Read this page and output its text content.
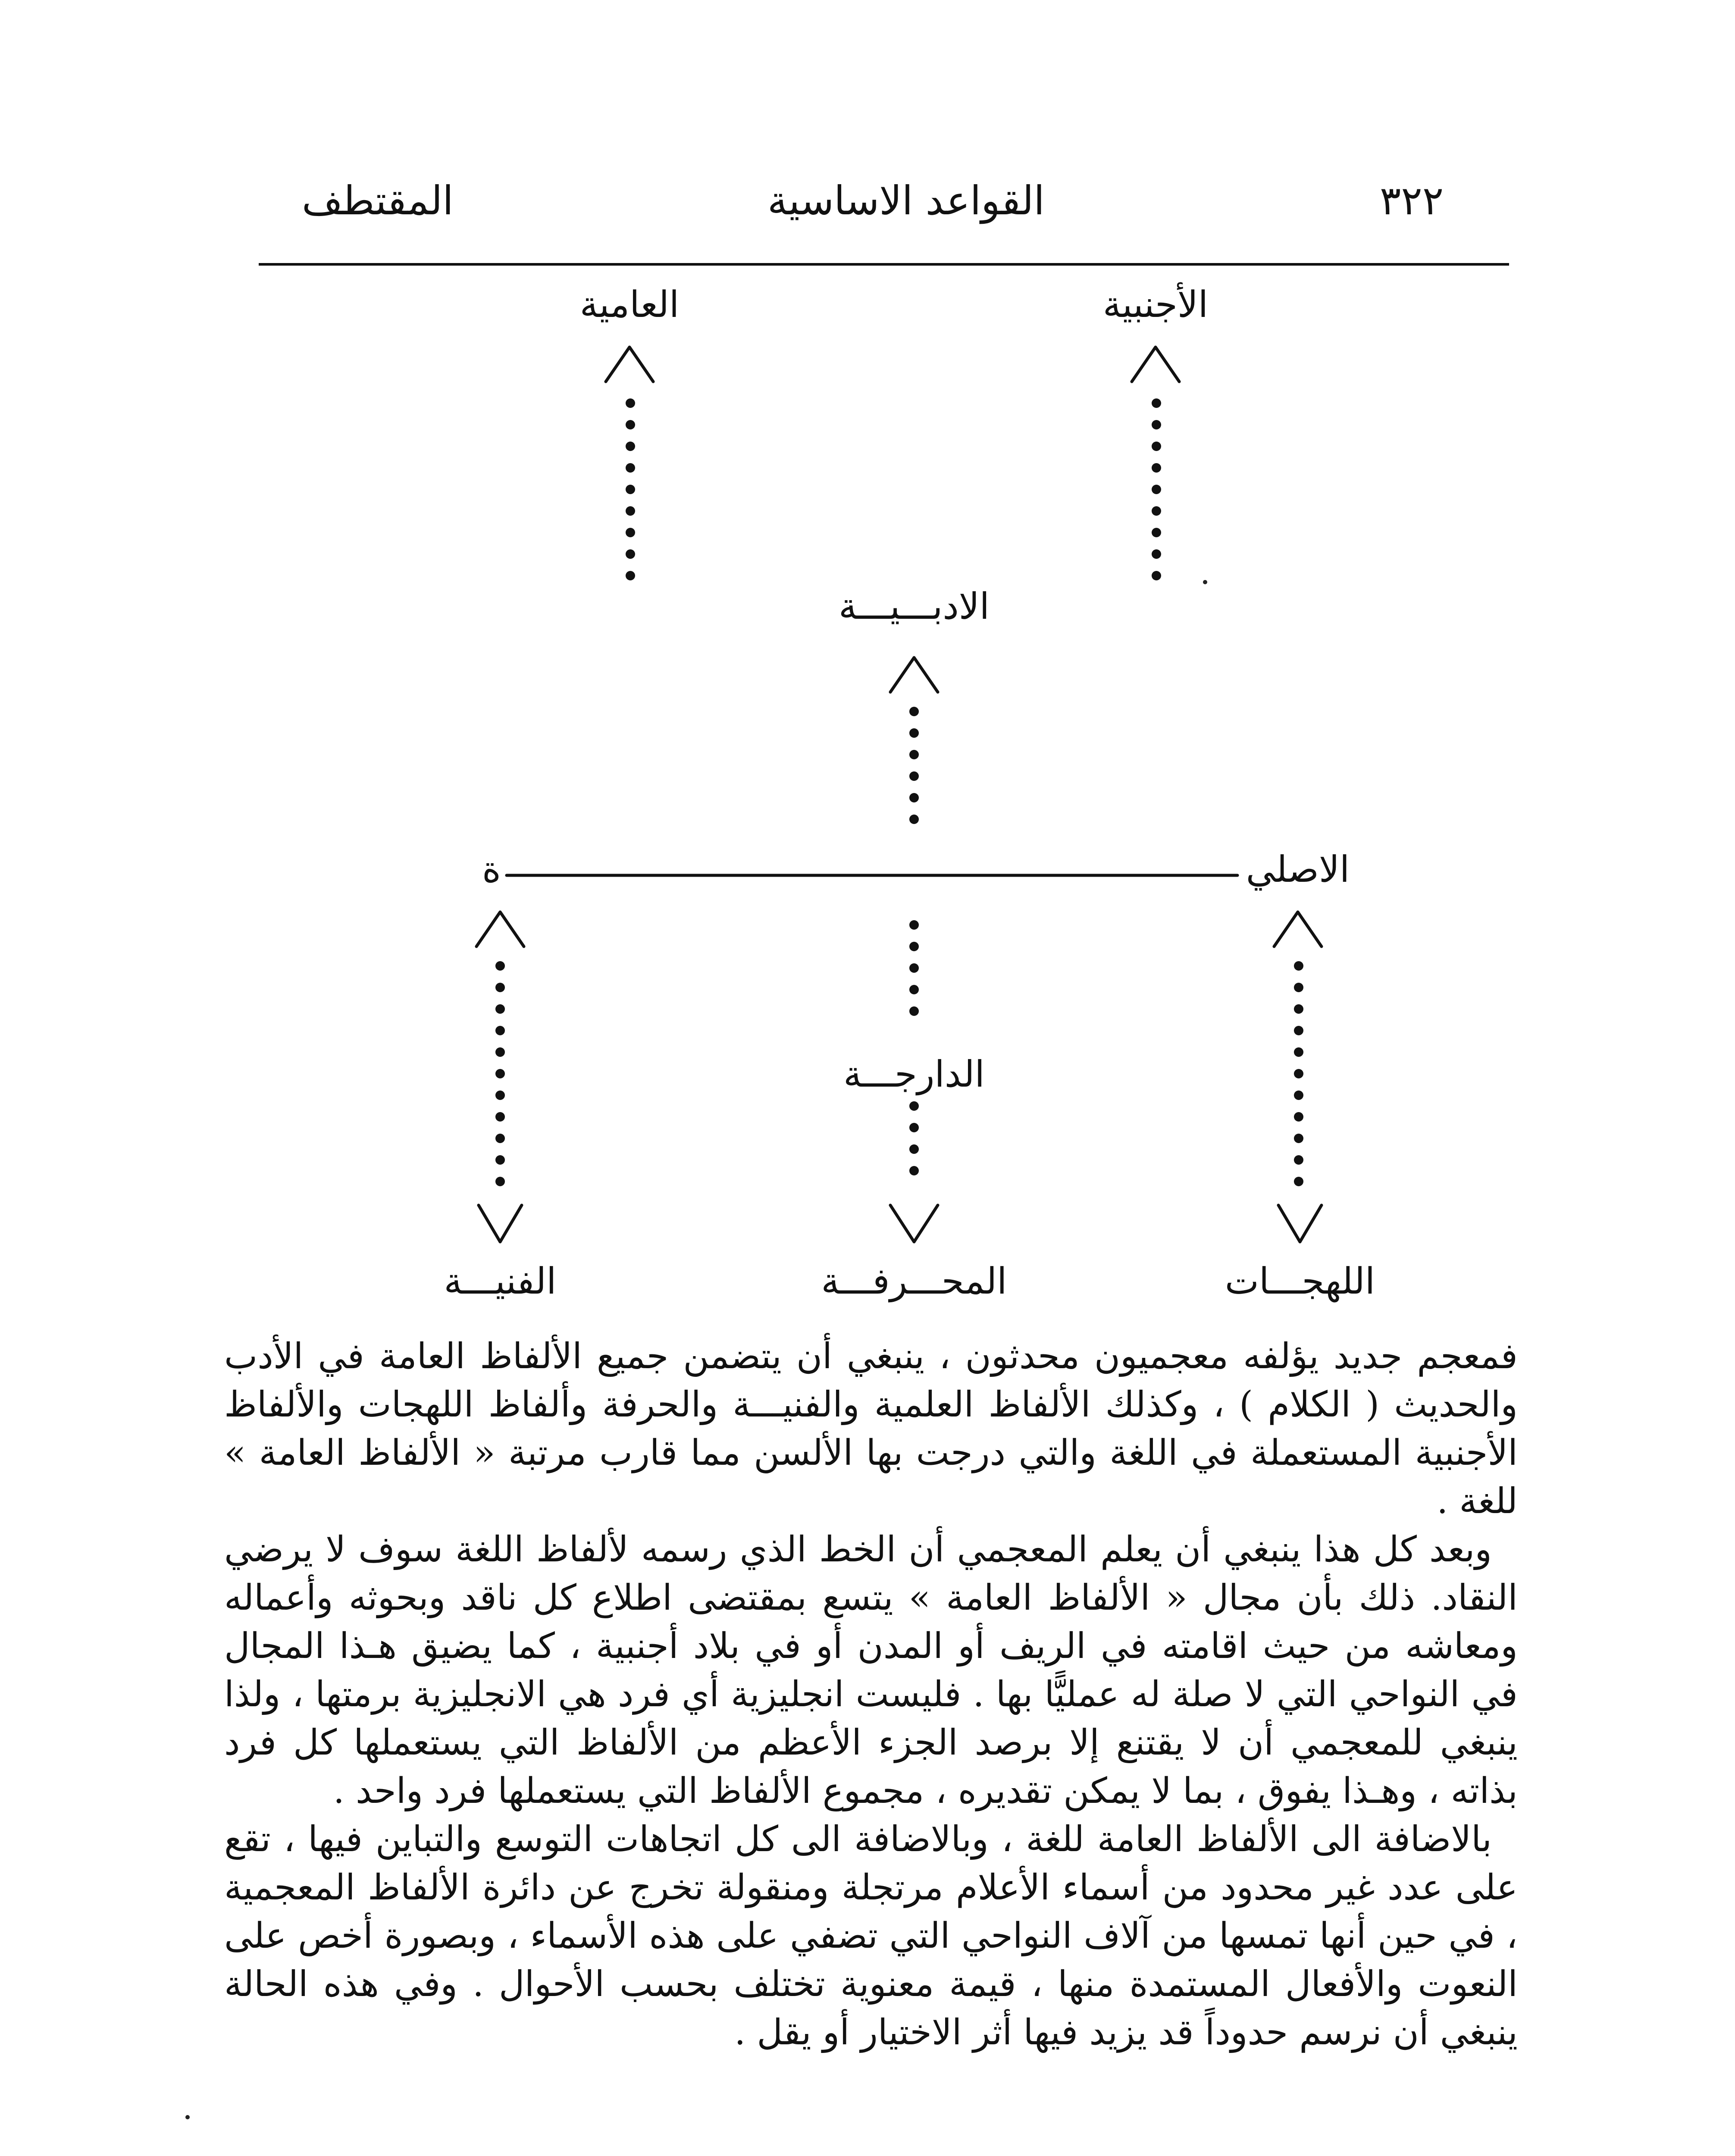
المقتطف	القواعد الاساسية	٣٢٢
العامية	الأجنبية
الادبـــيـــة
ة	الاصلي
الدارجـــة
الفنيـــة	المحـــرفـــة	اللهجـــات

فمعجم جديد يؤلفه معجميون محدثون ، ينبغي أن يتضمن جميع الألفاظ العامة في الأدب والحديث ( الكلام ) ، وكذلك الألفاظ العلمية والفنيـــة والحرفة وألفاظ اللهجات والألفاظ الأجنبية المستعملة في اللغة والتي درجت بها الألسن مما قارب مرتبة « الألفاظ العامة » للغة .

وبعد كل هذا ينبغي أن يعلم المعجمي أن الخط الذي رسمه لألفاظ اللغة سوف لا يرضي النقاد. ذلك بأن مجال « الألفاظ العامة » يتسع بمقتضى اطلاع كل ناقد وبحوثه وأعماله ومعاشه من حيث اقامته في الريف أو المدن أو في بلاد أجنبية ، كما يضيق هـذا المجال في النواحي التي لا صلة له عمليًّا بها . فليست انجليزية أي فرد هي الانجليزية برمتها ، ولذا ينبغي للمعجمي أن لا يقتنع إلا برصد الجزء الأعظم من الألفاظ التي يستعملها كل فرد بذاته ، وهـذا يفوق ، بما لا يمكن تقديره ، مجموع الألفاظ التي يستعملها فرد واحد .

بالاضافة الى الألفاظ العامة للغة ، وبالاضافة الى كل اتجاهات التوسع والتباين فيها ، تقع على عدد غير محدود من أسماء الأعلام مرتجلة ومنقولة تخرج عن دائرة الألفاظ المعجمية ، في حين أنها تمسها من آلاف النواحي التي تضفي على هذه الأسماء ، وبصورة أخص على النعوت والأفعال المستمدة منها ، قيمة معنوية تختلف بحسب الأحوال . وفي هذه الحالة ينبغي أن نرسم حدوداً قد يزيد فيها أثر الاختيار أو يقل .
